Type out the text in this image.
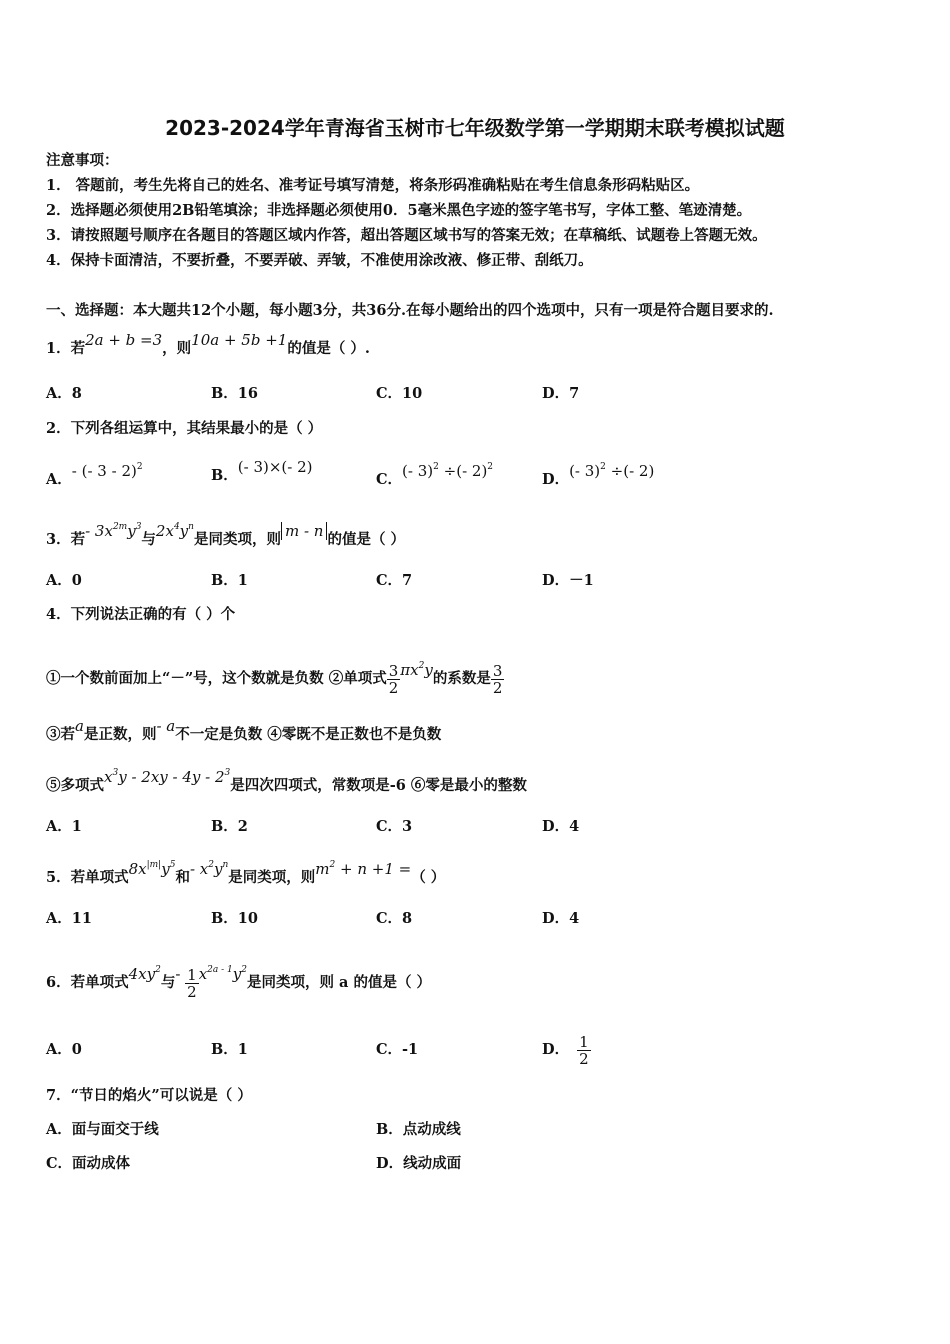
2023-2024学年青海省玉树市七年级数学第一学期期末联考模拟试题
注意事项：
1． 答题前，考生先将自己的姓名、准考证号填写清楚，将条形码准确粘贴在考生信息条形码粘贴区。
2．选择题必须使用2B铅笔填涂；非选择题必须使用0．5毫米黑色字迹的签字笔书写，字体工整、笔迹清楚。
3．请按照题号顺序在各题目的答题区域内作答，超出答题区域书写的答案无效；在草稿纸、试题卷上答题无效。
4．保持卡面清洁，不要折叠，不要弄破、弄皱，不准使用涂改液、修正带、刮纸刀。
一、选择题：本大题共12个小题，每小题3分，共36分.在每小题给出的四个选项中，只有一项是符合题目要求的.
1．若2a + b =3，则10a + 5b +1的值是（ ）.
A．8	B．16	C．10	D．7
2．下列各组运算中，其结果最小的是（ ）
A．- (- 3 - 2)$^2$	B．(- 3)×(- 2)
C．(- 3)$^2$ ÷(- 2)$^2$
D．(- 3)$^2$ ÷(- 2)
3．若- $3x^{2m}y^3$与$2x^4y^n$是同类项，则 m - n 的值是（ ）
A．0	B．1	C．7	D．－1
4．下列说法正确的有（ ）个
①一个数前面加上“－”号，这个数就是负数 ②单项式 $\frac{3}{2} \pi x^2y$的系数是 $\frac{3}{2}$
③若a是正数，则- a不一定是负数 ④零既不是正数也不是负数
⑤多项式$x^3y - 2xy - 4y - 2^3$是四次四项式，常数项是-6 ⑥零是最小的整数
A．1	B．2	C．3	D．4
5．若单项式$8x^{|m|}y^5$和- $x^2y^n$是同类项，则$m^2 + n +1$ =（ ）
A．11	B．10	C．8	D．4
6．若单项式$4xy^2$与- $\frac{1}{2} x^{2a - 1}y^2$是同类项，则 a 的值是（ ）
A．0	B．1	C．-1	D． $\frac{1}{2}$
7．“节日的焰火”可以说是（ ）
A．面与面交于线	B．点动成线
C．面动成体	D．线动成面
